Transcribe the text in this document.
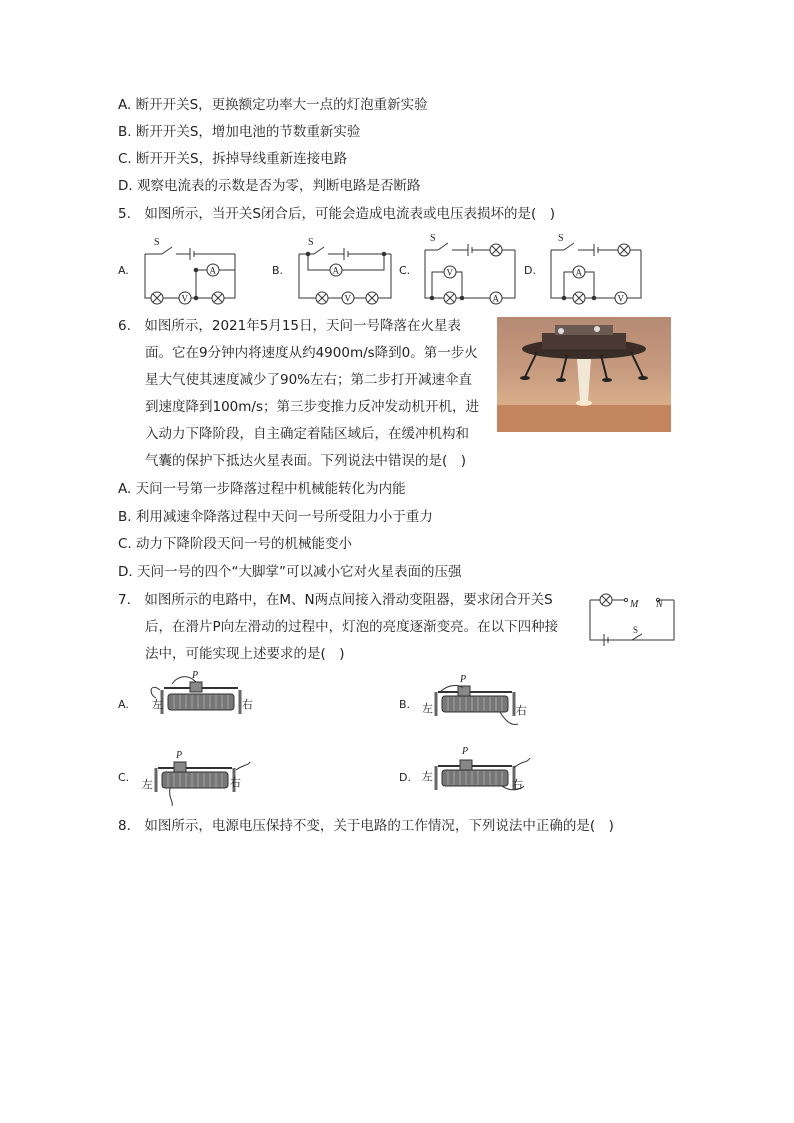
A. 断开开关S，更换额定功率大一点的灯泡重新实验
B. 断开开关S，增加电池的节数重新实验
C. 断开开关S，拆掉导线重新连接电路
D. 观察电流表的示数是否为零，判断电路是否断路
5.　如图所示，当开关S闭合后，可能会造成电流表或电压表损坏的是(　)
A.	B.	C.	D.
S
A
V
S
A
V
S
V
A
S
A
V
6.　如图所示，2021年5月15日，天问一号降落在火星表
面。它在9分钟内将速度从约4900m/s降到0。第一步火
星大气使其速度减少了90%左右；第二步打开减速伞直
到速度降到100m/s；第三步变推力反冲发动机开机，进
入动力下降阶段，自主确定着陆区域后，在缓冲机构和
气囊的保护下抵达火星表面。下列说法中错误的是(　)
A. 天问一号第一步降落过程中机械能转化为内能
B. 利用减速伞降落过程中天问一号所受阻力小于重力
C. 动力下降阶段天问一号的机械能变小
D. 天问一号的四个“大脚掌”可以减小它对火星表面的压强
7.　如图所示的电路中，在M、N两点间接入滑动变阻器，要求闭合开关S
后，在滑片P向左滑动的过程中，灯泡的亮度逐渐变亮。在以下四种接
法中，可能实现上述要求的是(　)
M N
S
A.	B.
C.	D.
P
左	右
P
左	右
P
左	右
P
左
右
8.　如图所示，电源电压保持不变，关于电路的工作情况，下列说法中正确的是(　)
